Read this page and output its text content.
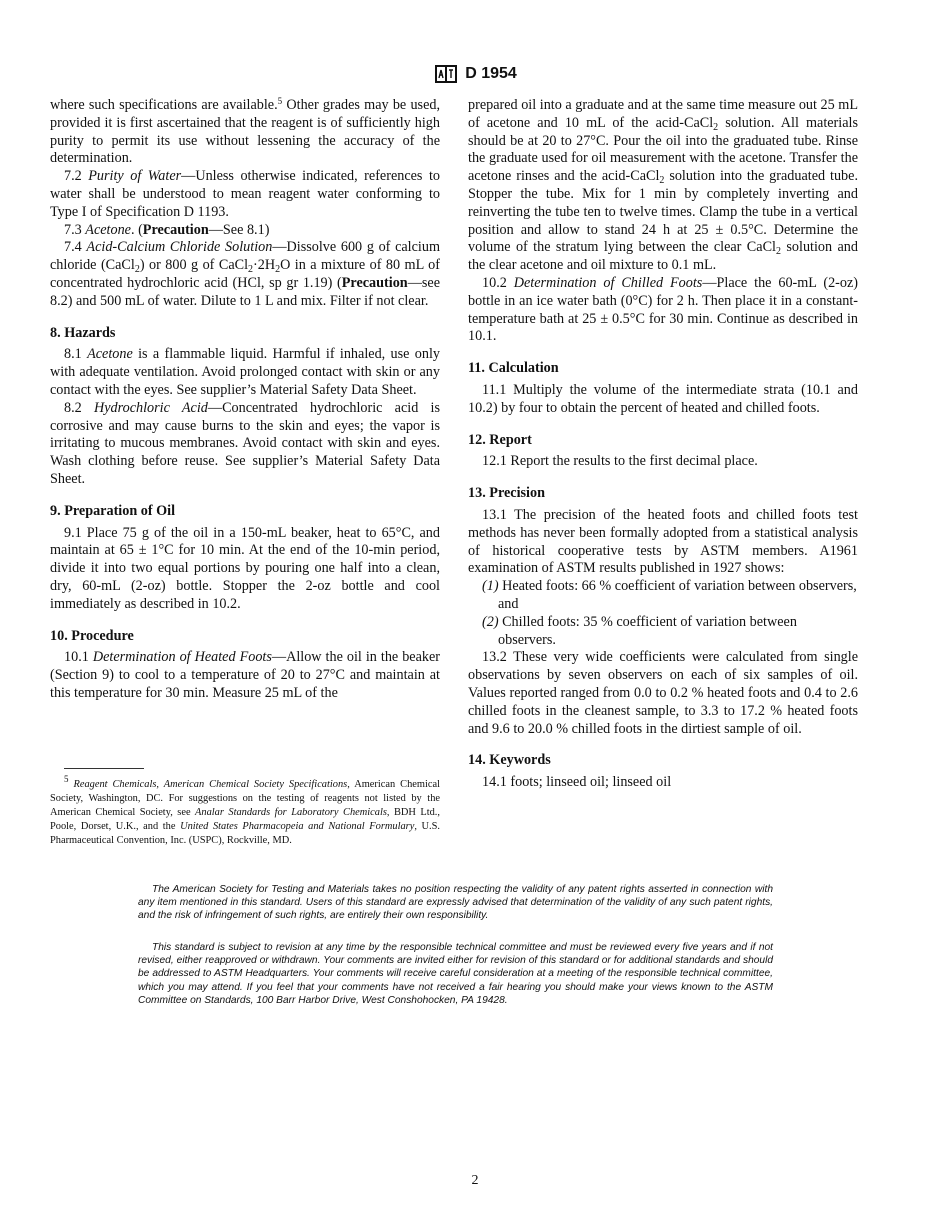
D 1954

where such specifications are available.$^5$ Other grades may be used, provided it is first ascertained that the reagent is of sufficiently high purity to permit its use without lessening the accuracy of the determination.

7.2 Purity of Water—Unless otherwise indicated, references to water shall be understood to mean reagent water conforming to Type I of Specification D 1193.

7.3 Acetone. (Precaution—See 8.1)

7.4 Acid-Calcium Chloride Solution—Dissolve 600 g of calcium chloride (CaCl$_2$) or 800 g of $CaCl_2\cdot 2H_2O$ in a mixture of 80 mL of concentrated hydrochloric acid (HCl, sp gr 1.19) (Precaution—see 8.2) and 500 mL of water. Dilute to 1 L and mix. Filter if not clear.

8. Hazards

8.1 Acetone is a flammable liquid. Harmful if inhaled, use only with adequate ventilation. Avoid prolonged contact with skin or any contact with the eyes. See supplier’s Material Safety Data Sheet.

8.2 Hydrochloric Acid—Concentrated hydrochloric acid is corrosive and may cause burns to the skin and eyes; the vapor is irritating to mucous membranes. Avoid contact with skin and eyes. Wash clothing before reuse. See supplier’s Material Safety Data Sheet.

9. Preparation of Oil

9.1 Place 75 g of the oil in a 150-mL beaker, heat to 65°C, and maintain at 65 ± 1°C for 10 min. At the end of the 10-min period, divide it into two equal portions by pouring one half into a clean, dry, 60-mL (2-oz) bottle. Stopper the 2-oz bottle and cool immediately as described in 10.2.

10. Procedure

10.1 Determination of Heated Foots—Allow the oil in the beaker (Section 9) to cool to a temperature of 20 to 27°C and maintain at this temperature for 30 min. Measure 25 mL of the

prepared oil into a graduate and at the same time measure out 25 mL of acetone and 10 mL of the acid-CaCl$_2$ solution. All materials should be at 20 to 27°C. Pour the oil into the graduated tube. Rinse the graduate used for oil measurement with the acetone. Transfer the acetone rinses and the acid-CaCl$_2$ solution into the graduated tube. Stopper the tube. Mix for 1 min by completely inverting and reinverting the tube ten to twelve times. Clamp the tube in a vertical position and allow to stand 24 h at 25 ± 0.5°C. Determine the volume of the stratum lying between the clear CaCl$_2$ solution and the clear acetone and oil mixture to 0.1 mL.

10.2 Determination of Chilled Foots—Place the 60-mL (2-oz) bottle in an ice water bath (0°C) for 2 h. Then place it in a constant-temperature bath at 25 ± 0.5°C for 30 min. Continue as described in 10.1.

11. Calculation

11.1 Multiply the volume of the intermediate strata (10.1 and 10.2) by four to obtain the percent of heated and chilled foots.

12. Report

12.1 Report the results to the first decimal place.

13. Precision

13.1 The precision of the heated foots and chilled foots test methods has never been formally adopted from a statistical analysis of historical cooperative tests by ASTM members. A1961 examination of ASTM results published in 1927 shows:

(1) Heated foots: 66 % coefficient of variation between observers, and

(2) Chilled foots: 35 % coefficient of variation between observers.

13.2 These very wide coefficients were calculated from single observations by seven observers on each of six samples of oil. Values reported ranged from 0.0 to 0.2 % heated foots and 0.4 to 2.6 chilled foots in the cleanest sample, to 3.3 to 17.2 % heated foots and 9.6 to 20.0 % chilled foots in the dirtiest sample of oil.

14. Keywords

14.1 foots; linseed oil; linseed oil

$^5$ Reagent Chemicals, American Chemical Society Specifications, American Chemical Society, Washington, DC. For suggestions on the testing of reagents not listed by the American Chemical Society, see Analar Standards for Laboratory Chemicals, BDH Ltd., Poole, Dorset, U.K., and the United States Pharmacopeia and National Formulary, U.S. Pharmaceutical Convention, Inc. (USPC), Rockville, MD.

The American Society for Testing and Materials takes no position respecting the validity of any patent rights asserted in connection with any item mentioned in this standard. Users of this standard are expressly advised that determination of the validity of any such patent rights, and the risk of infringement of such rights, are entirely their own responsibility.

This standard is subject to revision at any time by the responsible technical committee and must be reviewed every five years and if not revised, either reapproved or withdrawn. Your comments are invited either for revision of this standard or for additional standards and should be addressed to ASTM Headquarters. Your comments will receive careful consideration at a meeting of the responsible technical committee, which you may attend. If you feel that your comments have not received a fair hearing you should make your views known to the ASTM Committee on Standards, 100 Barr Harbor Drive, West Conshohocken, PA 19428.

2
